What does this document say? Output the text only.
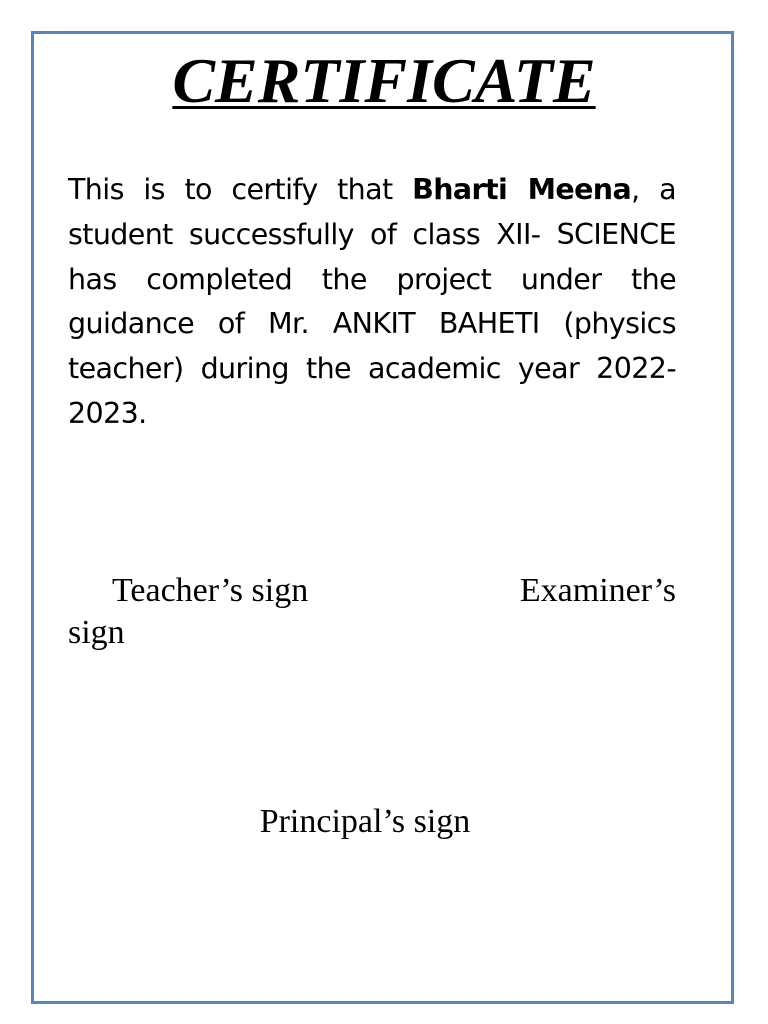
CERTIFICATE
This is to certify that Bharti Meena, a student successfully of class XII- SCIENCE has completed the project under the guidance of Mr. ANKIT BAHETI (physics teacher) during the academic year 2022-2023.
Teacher’s sign	Examiner’s
sign
Principal’s sign
